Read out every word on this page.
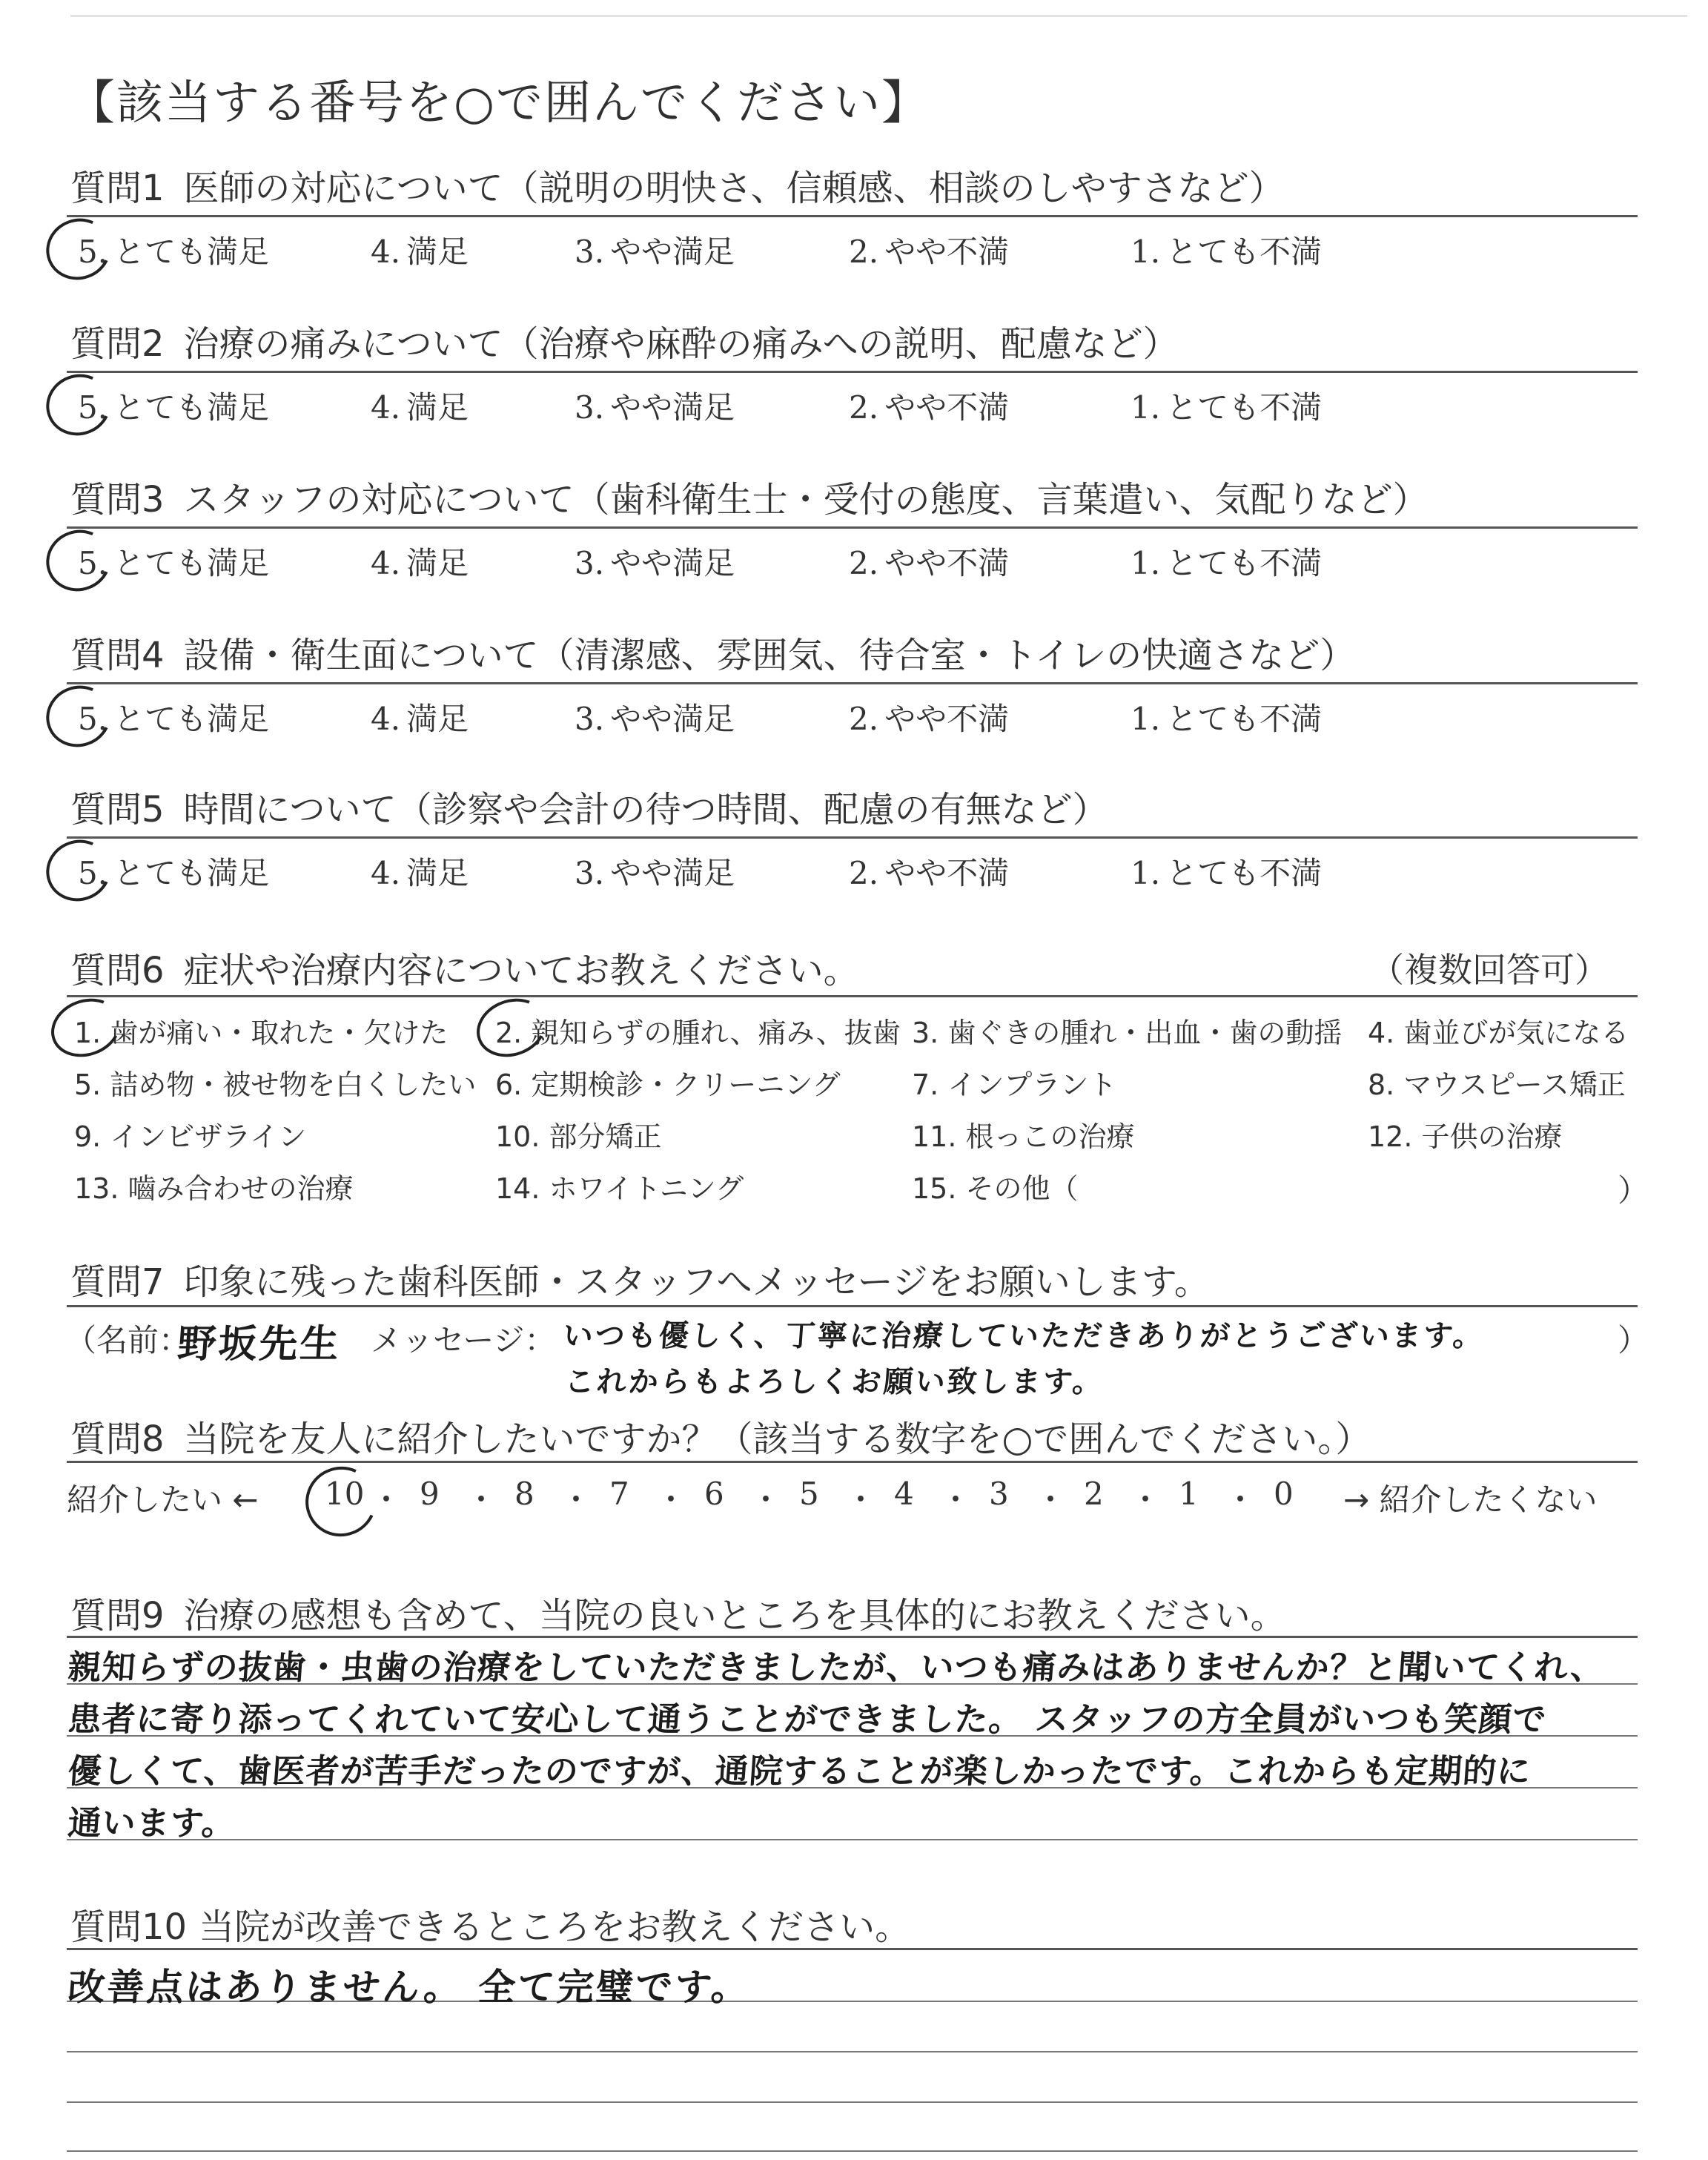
【該当する番号を○で囲んでください】
質問1 医師の対応について（説明の明快さ、信頼感、相談のしやすさなど）
5. とても満足	4. 満足	3. やや満足	2. やや不満	1. とても不満
質問2 治療の痛みについて（治療や麻酔の痛みへの説明、配慮など）
5. とても満足	4. 満足	3. やや満足	2. やや不満	1. とても不満
質問3 スタッフの対応について（歯科衛生士・受付の態度、言葉遣い、気配りなど）
5. とても満足	4. 満足	3. やや満足	2. やや不満	1. とても不満
質問4 設備・衛生面について（清潔感、雰囲気、待合室・トイレの快適さなど）
5. とても満足	4. 満足	3. やや満足	2. やや不満	1. とても不満
質問5 時間について（診察や会計の待つ時間、配慮の有無など）
5. とても満足	4. 満足	3. やや満足	2. やや不満	1. とても不満
質問6 症状や治療内容についてお教えください。	（複数回答可）
1. 歯が痛い・取れた・欠けた 2. 親知らずの腫れ、痛み、抜歯 3. 歯ぐきの腫れ・出血・歯の動揺 4. 歯並びが気になる
5. 詰め物・被せ物を白くしたい 6. 定期検診・クリーニング	7. インプラント	8. マウスピース矯正
9. インビザライン	10. 部分矯正	11. 根っこの治療	12. 子供の治療
13. 嚙み合わせの治療	14. ホワイトニング	15. その他（	）
質問7 印象に残った歯科医師・スタッフへメッセージをお願いします。
（名前：
野坂先生 メッセージ： いつも優しく、丁寧に治療していただきありがとうございます。
これからもよろしくお願い致します。
）
質問8 当院を友人に紹介したいですか？（該当する数字を○で囲んでください。）
紹介したい ← 10 ・ 9 ・ 8 ・ 7 ・ 6 ・ 5 ・ 4 ・ 3 ・ 2 ・ 1 ・ 0 → 紹介したくない
質問9 治療の感想も含めて、当院の良いところを具体的にお教えください。
親知らずの抜歯・虫歯の治療をしていただきましたが、いつも痛みはありませんか？と聞いてくれ、
患者に寄り添ってくれていて安心して通うことができました。 スタッフの方全員がいつも笑顔で
優しくて、歯医者が苦手だったのですが、通院することが楽しかったです。これからも定期的に
通います。
質問10 当院が改善できるところをお教えください。
改善点はありません。 全て完璧です。
